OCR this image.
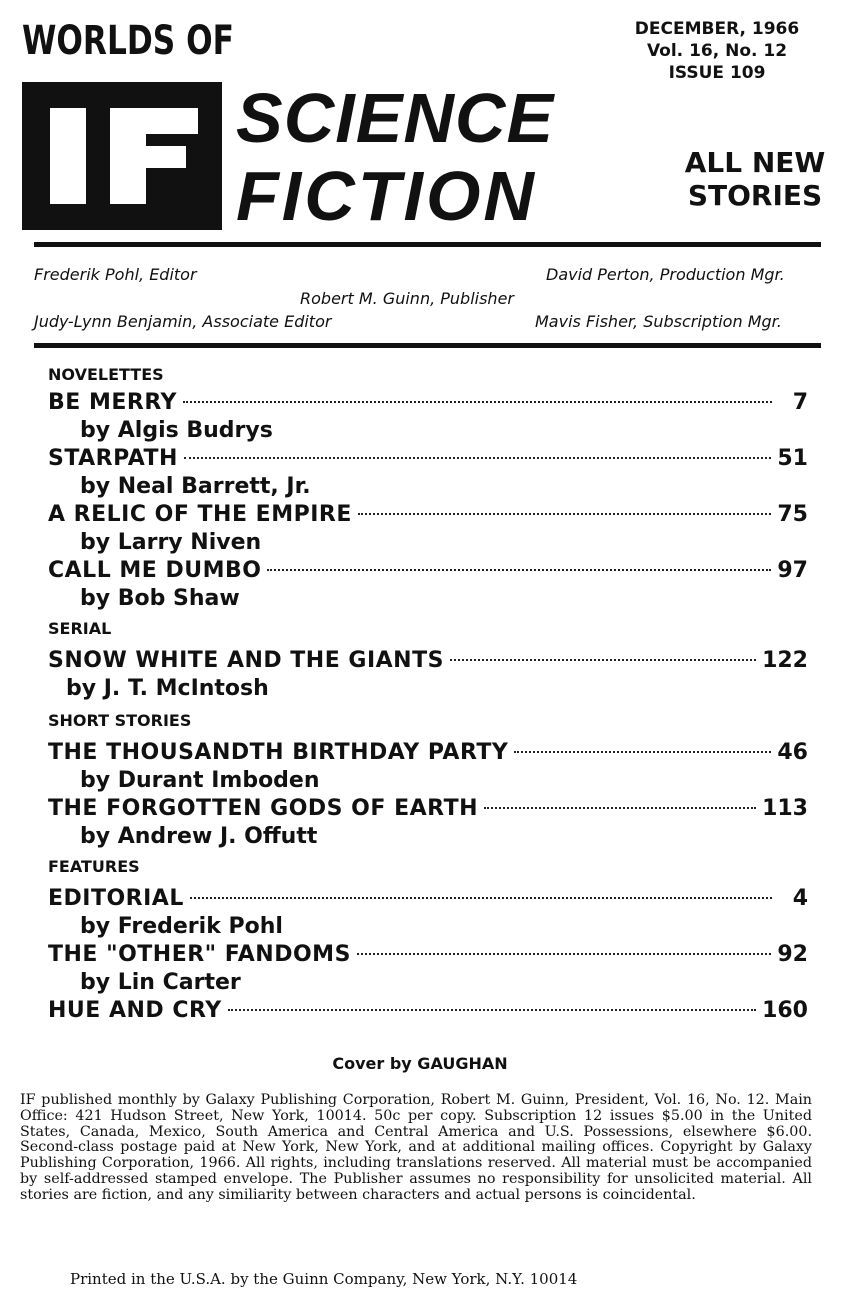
WORLDS OF
IF
SCIENCE
FICTION
DECEMBER, 1966
Vol. 16, No. 12
ISSUE 109
ALL NEW
STORIES
Frederik Pohl, Editor	David Perton, Production Mgr.
Robert M. Guinn, Publisher
Judy-Lynn Benjamin, Associate Editor	Mavis Fisher, Subscription Mgr.
NOVELETTES
BE MERRY	7
by Algis Budrys
STARPATH	51
by Neal Barrett, Jr.
A RELIC OF THE EMPIRE	75
by Larry Niven
CALL ME DUMBO	97
by Bob Shaw
SERIAL
SNOW WHITE AND THE GIANTS	122
by J. T. McIntosh
SHORT STORIES
THE THOUSANDTH BIRTHDAY PARTY	46
by Durant Imboden
THE FORGOTTEN GODS OF EARTH	113
by Andrew J. Offutt
FEATURES
EDITORIAL	4
by Frederik Pohl
THE "OTHER" FANDOMS	92
by Lin Carter
HUE AND CRY	160
Cover by GAUGHAN
IF published monthly by Galaxy Publishing Corporation, Robert M. Guinn, President, Vol. 16, No. 12. Main Office: 421 Hudson Street, New York, 10014. 50c per copy. Subscription 12 issues $5.00 in the United States, Canada, Mexico, South America and Central America and U.S. Possessions, elsewhere $6.00. Second-class postage paid at New York, New York, and at additional mailing offices. Copyright by Galaxy Publishing Corporation, 1966. All rights, including translations reserved. All material must be accompanied by self-addressed stamped envelope. The Publisher assumes no responsibility for unsolicited material. All stories are fiction, and any similiarity between characters and actual persons is coincidental.
Printed in the U.S.A. by the Guinn Company, New York, N.Y. 10014
